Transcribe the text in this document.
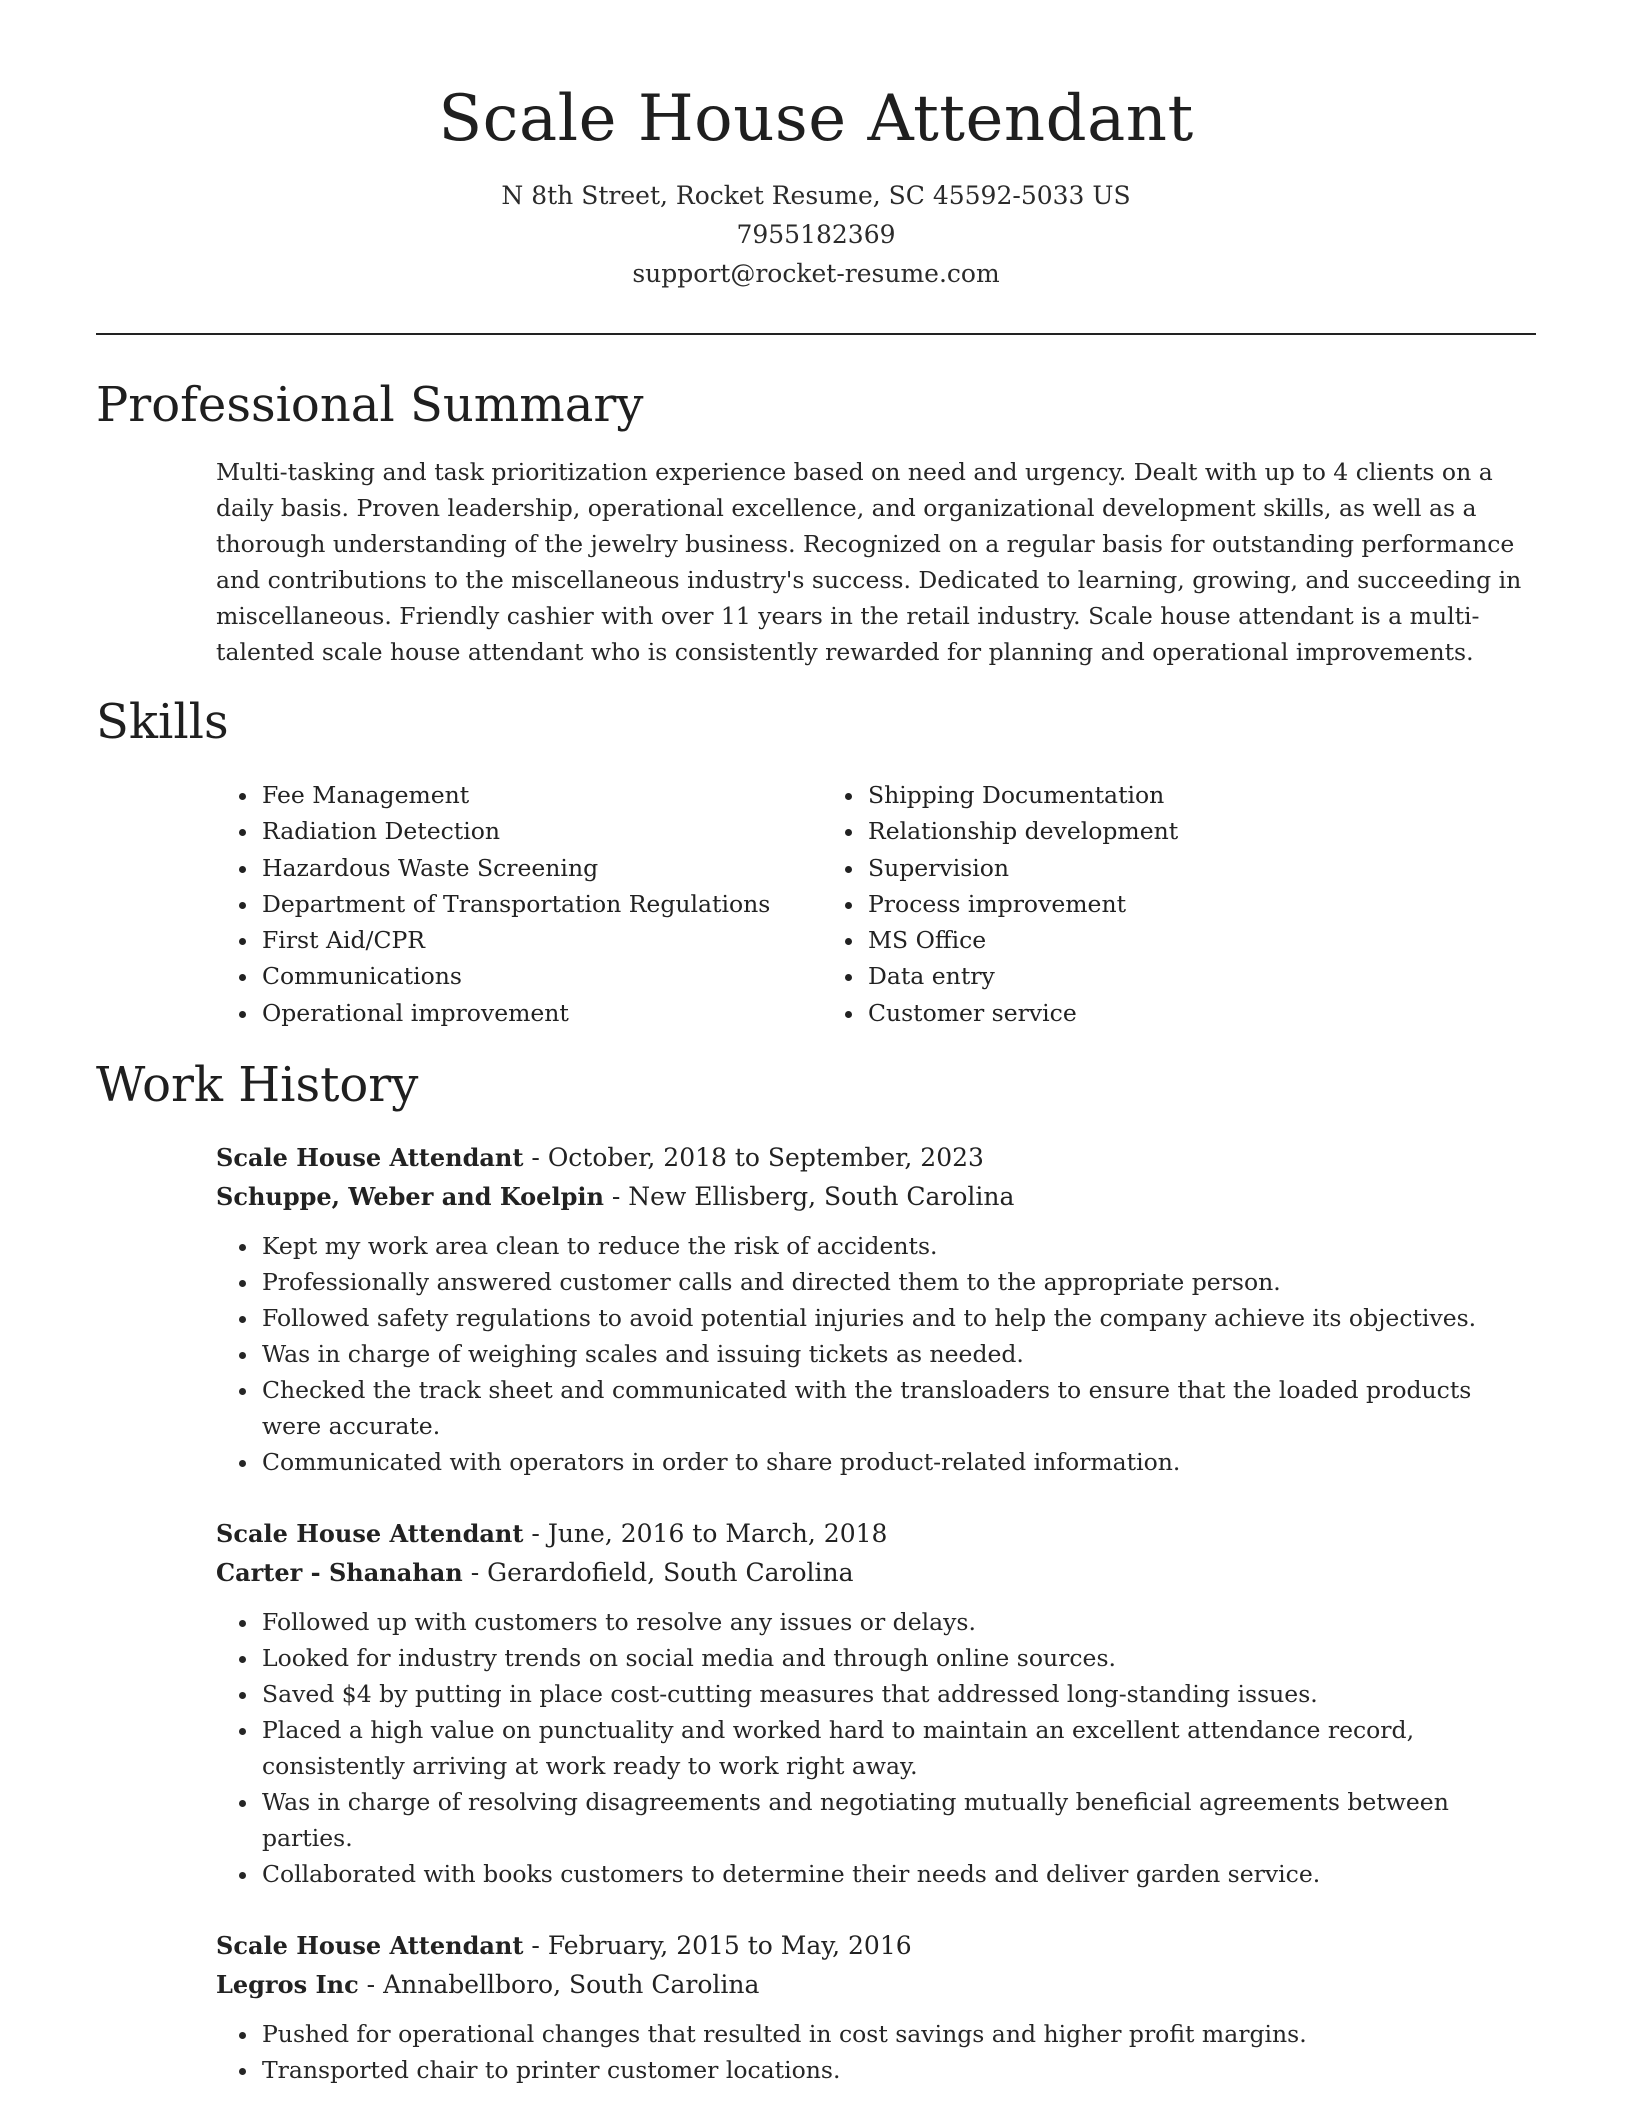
Scale House Attendant
N 8th Street, Rocket Resume, SC 45592-5033 US
7955182369
support@rocket-resume.com
Professional Summary

Multi-tasking and task prioritization experience based on need and urgency. Dealt with up to 4 clients on a daily basis. Proven leadership, operational excellence, and organizational development skills, as well as a thorough understanding of the jewelry business. Recognized on a regular basis for outstanding performance and contributions to the miscellaneous industry's success. Dedicated to learning, growing, and succeeding in miscellaneous. Friendly cashier with over 11 years in the retail industry. Scale house attendant is a multi-talented scale house attendant who is consistently rewarded for planning and operational improvements.

Skills
• Fee Management
• Radiation Detection
• Hazardous Waste Screening
• Department of Transportation Regulations
• First Aid/CPR
• Communications
• Operational improvement
• Shipping Documentation
• Relationship development
• Supervision
• Process improvement
• MS Office
• Data entry
• Customer service
Work History
Scale House Attendant - October, 2018 to September, 2023
Schuppe, Weber and Koelpin - New Ellisberg, South Carolina
• Kept my work area clean to reduce the risk of accidents.
• Professionally answered customer calls and directed them to the appropriate person.
• Followed safety regulations to avoid potential injuries and to help the company achieve its objectives.
• Was in charge of weighing scales and issuing tickets as needed.
• Checked the track sheet and communicated with the transloaders to ensure that the loaded products were accurate.
• Communicated with operators in order to share product-related information.
Scale House Attendant - June, 2016 to March, 2018
Carter - Shanahan - Gerardofield, South Carolina
• Followed up with customers to resolve any issues or delays.
• Looked for industry trends on social media and through online sources.
• Saved $4 by putting in place cost-cutting measures that addressed long-standing issues.
• Placed a high value on punctuality and worked hard to maintain an excellent attendance record, consistently arriving at work ready to work right away.
• Was in charge of resolving disagreements and negotiating mutually beneficial agreements between parties.
• Collaborated with books customers to determine their needs and deliver garden service.
Scale House Attendant - February, 2015 to May, 2016
Legros Inc - Annabellboro, South Carolina
• Pushed for operational changes that resulted in cost savings and higher profit margins.
• Transported chair to printer customer locations.
